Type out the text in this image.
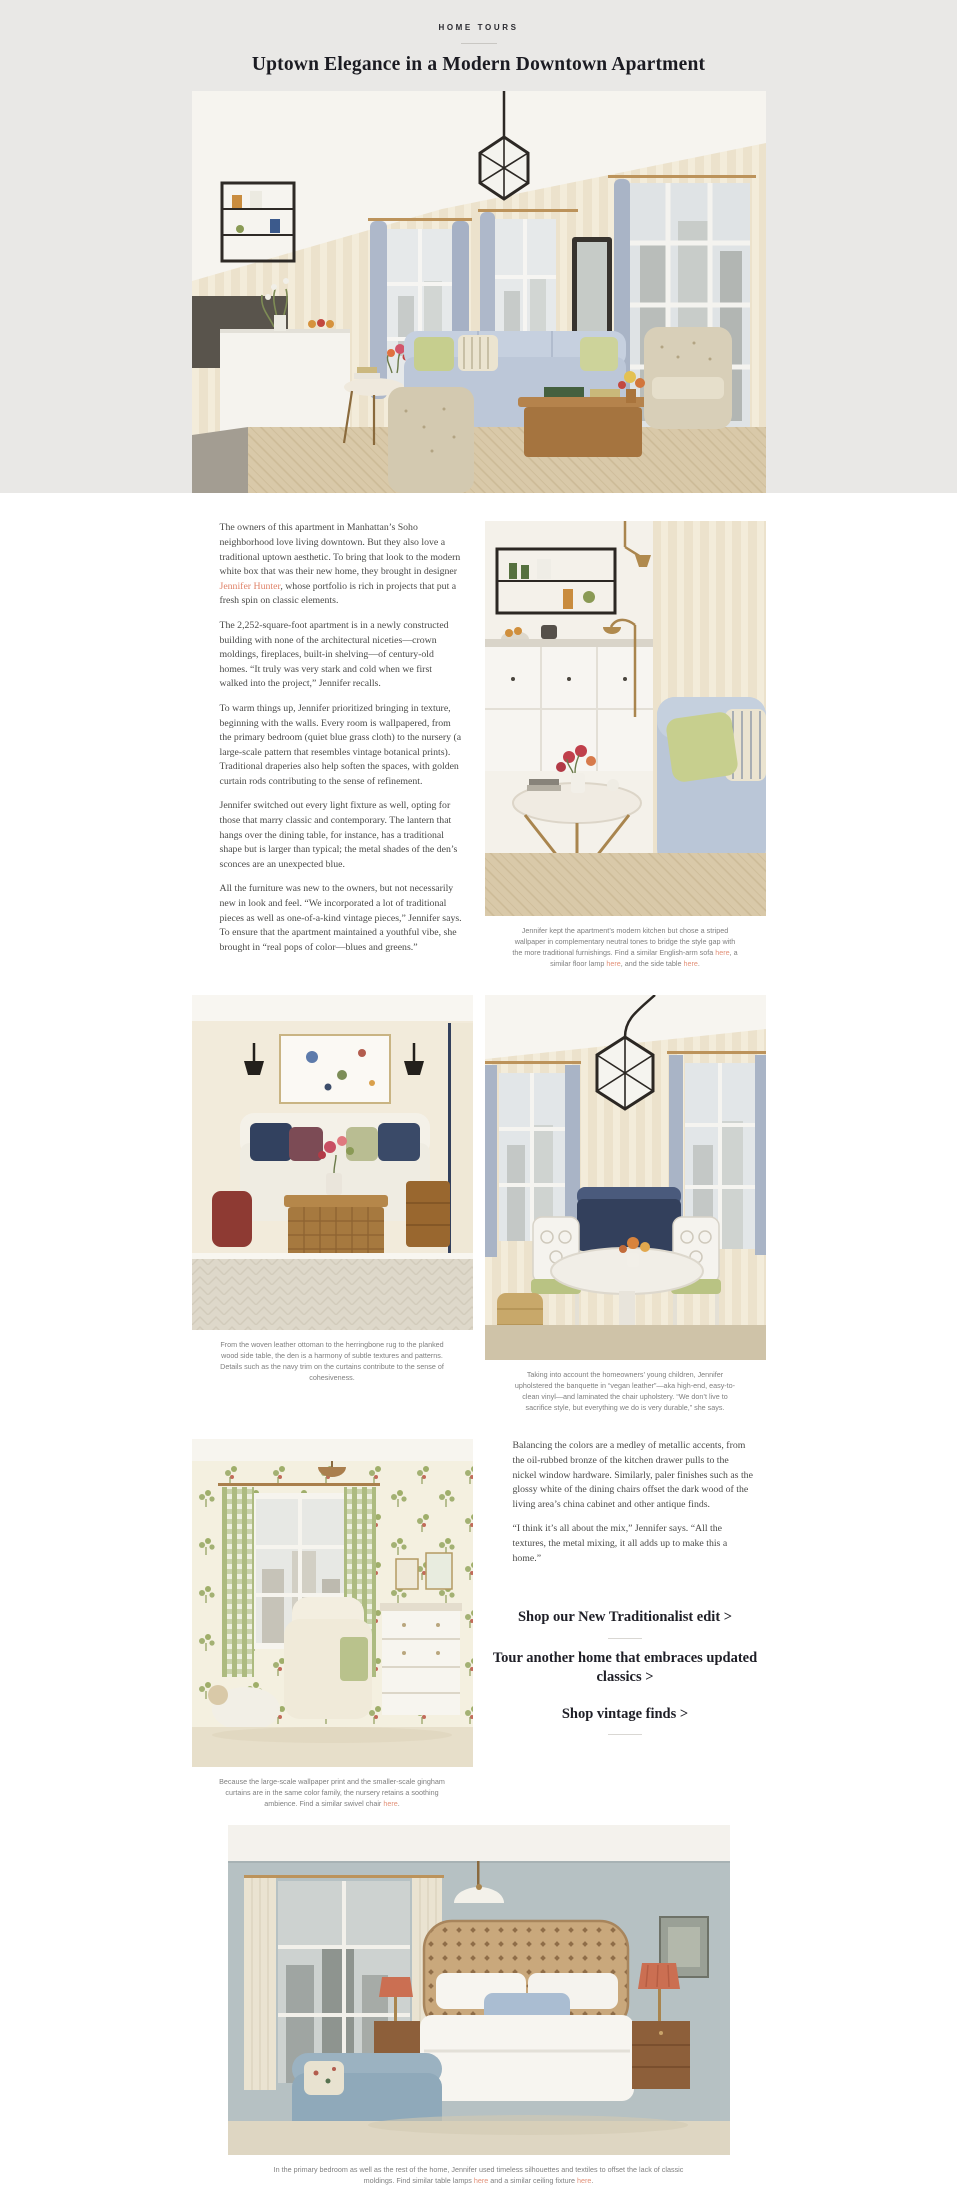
HOME TOURS
Uptown Elegance in a Modern Downtown Apartment

The owners of this apartment in Manhattan’s Soho neighborhood love living downtown. But they also love a traditional uptown aesthetic. To bring that look to the modern white box that was their new home, they brought in designer Jennifer Hunter, whose portfolio is rich in projects that put a fresh spin on classic elements.

The 2,252-square-foot apartment is in a newly constructed building with none of the architectural niceties—crown moldings, fireplaces, built-in shelving—of century-old homes. “It truly was very stark and cold when we first walked into the project,” Jennifer recalls.

To warm things up, Jennifer prioritized bringing in texture, beginning with the walls. Every room is wallpapered, from the primary bedroom (quiet blue grass cloth) to the nursery (a large-scale pattern that resembles vintage botanical prints). Traditional draperies also help soften the spaces, with golden curtain rods contributing to the sense of refinement.

Jennifer switched out every light fixture as well, opting for those that marry classic and contemporary. The lantern that hangs over the dining table, for instance, has a traditional shape but is larger than typical; the metal shades of the den’s sconces are an unexpected blue.

All the furniture was new to the owners, but not necessarily new in look and feel. “We incorporated a lot of traditional pieces as well as one-of-a-kind vintage pieces,” Jennifer says. To ensure that the apartment maintained a youthful vibe, she brought in “real pops of color—blues and greens.”

Jennifer kept the apartment’s modern kitchen but chose a striped wallpaper in complementary neutral tones to bridge the style gap with the more traditional furnishings. Find a similar English-arm sofa here, a similar floor lamp here, and the side table here.
From the woven leather ottoman to the herringbone rug to the planked wood side table, the den is a harmony of subtle textures and patterns. Details such as the navy trim on the curtains contribute to the sense of cohesiveness.	Taking into account the homeowners’ young children, Jennifer upholstered the banquette in “vegan leather”—aka high-end, easy-to-clean vinyl—and laminated the chair upholstery. “We don’t live to sacrifice style, but everything we do is very durable,” she says.
Because the large-scale wallpaper print and the smaller-scale gingham curtains are in the same color family, the nursery retains a soothing ambience. Find a similar swivel chair here.

Balancing the colors are a medley of metallic accents, from the oil-rubbed bronze of the kitchen drawer pulls to the nickel window hardware. Similarly, paler finishes such as the glossy white of the dining chairs offset the dark wood of the living area’s china cabinet and other antique finds.

“I think it’s all about the mix,” Jennifer says. “All the textures, the metal mixing, it all adds up to make this a home.”

Shop our New Traditionalist edit >
Tour another home that embraces updated classics >
Shop vintage finds >
In the primary bedroom as well as the rest of the home, Jennifer used timeless silhouettes and textiles to offset the lack of classic moldings. Find similar table lamps here and a similar ceiling fixture here.
